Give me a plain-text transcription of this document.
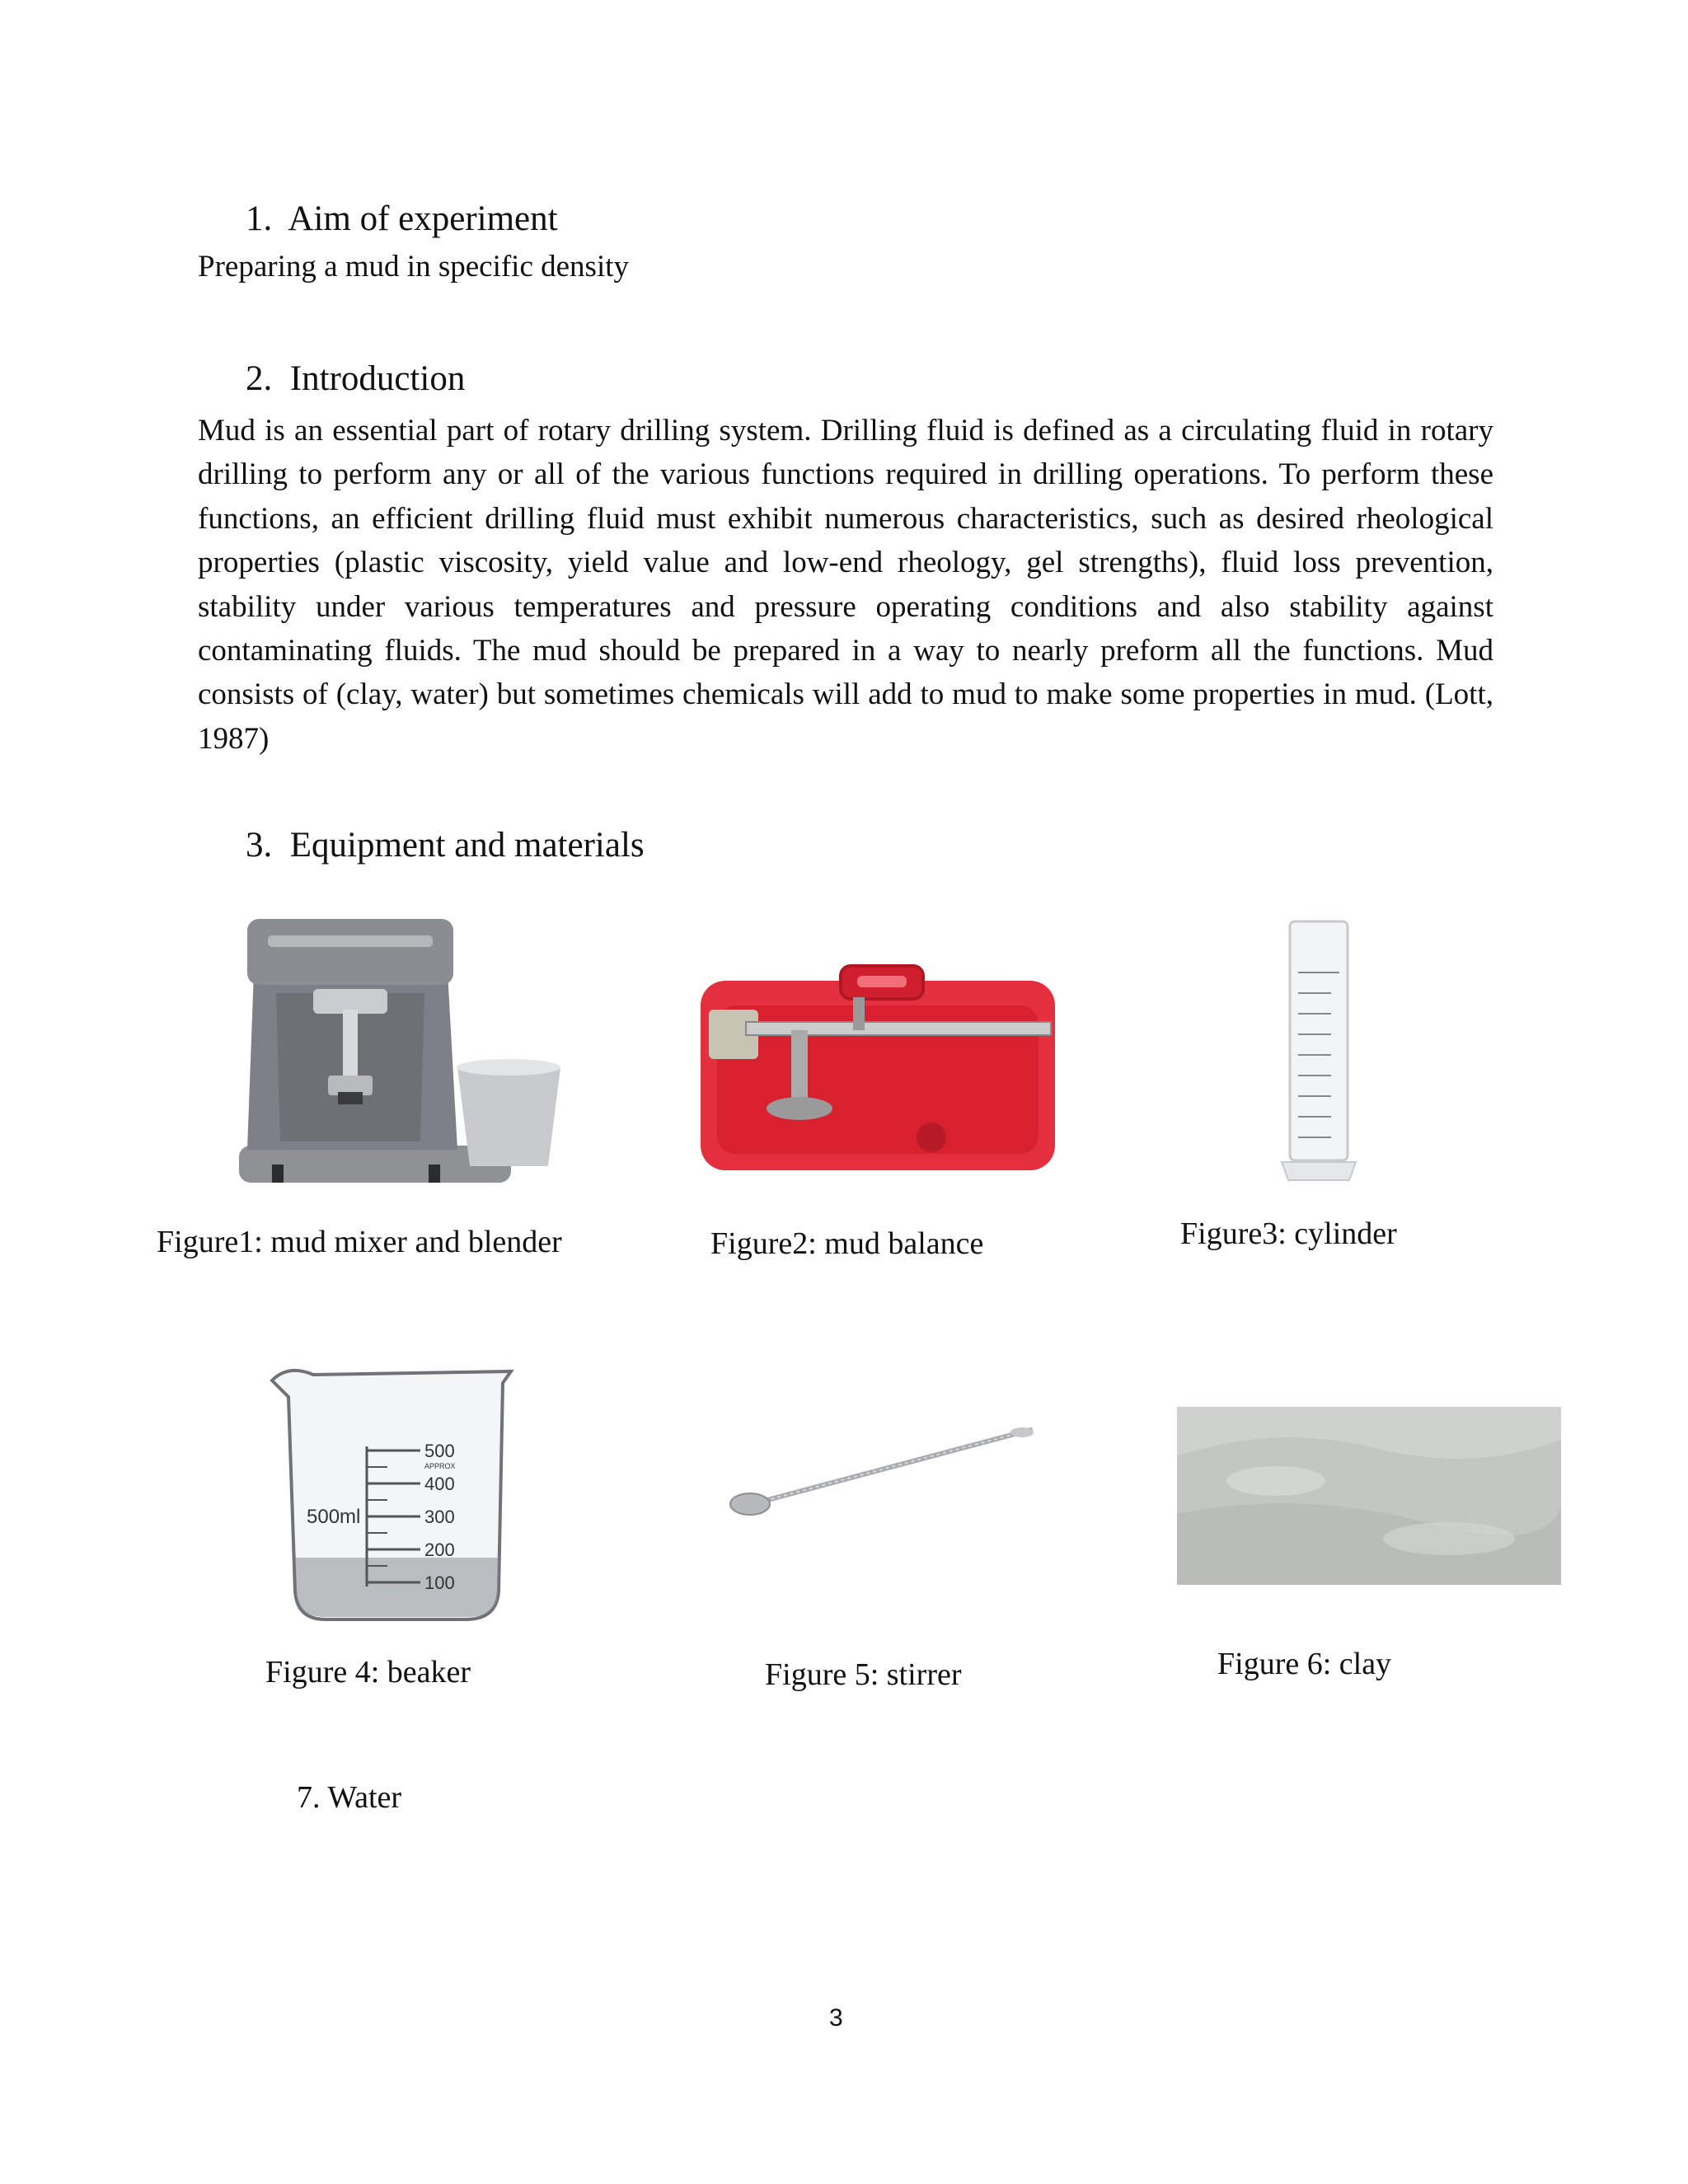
1. Aim of experiment
Preparing a mud in specific density
2. Introduction
Mud is an essential part of rotary drilling system. Drilling fluid is defined as a circulating fluid in rotary drilling to perform any or all of the various functions required in drilling operations. To perform these functions, an efficient drilling fluid must exhibit numerous characteristics, such as desired rheological properties (plastic viscosity, yield value and low-end rheology, gel strengths), fluid loss prevention, stability under various temperatures and pressure operating conditions and also stability against contaminating fluids. The mud should be prepared in a way to nearly preform all the functions. Mud consists of (clay, water) but sometimes chemicals will add to mud to make some properties in mud. (Lott, 1987)
3. Equipment and materials
Figure1: mud mixer and blender	Figure2: mud balance	Figure3: cylinder
500
APPROX
400
300
200
100
500ml
Figure 4: beaker	Figure 5: stirrer	Figure 6: clay
7. Water
3
